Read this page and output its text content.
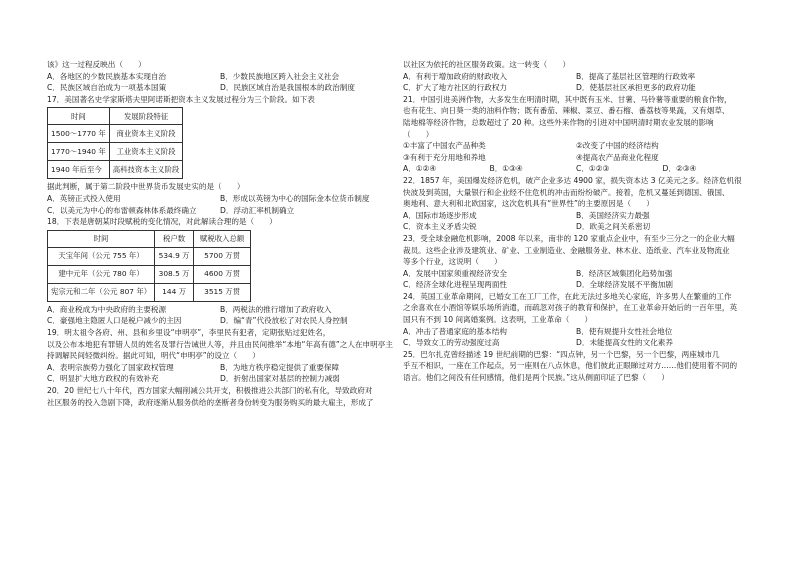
该》这一过程反映出（　　）
A．各地区的少数民族基本实现自治	B．少数民族地区跨入社会主义社会
C．民族区域自治成为一项基本国策	D．民族区域自治是我国根本的政治制度
17．美国著名史学家斯塔夫里阿诺斯把资本主义发展过程分为三个阶段。如下表
时间	发展阶段特征
1500～1770 年	商业资本主义阶段
1770～1940 年	工业资本主义阶段
1940 年后至今	高科技资本主义阶段
据此判断，属于第二阶段中世界货币发展史实的是（　　）
A．英镑正式投入使用	B．形成以英镑为中心的国际金本位货币制度
C．以美元为中心的布雷顿森林体系最终确立	D．浮动汇率机制确立
18．下表是唐朝某时段赋税的变化情况，对此解读合理的是（　　）
时间	税户数	赋税收入总额
天宝年间（公元 755 年）	534.9 万	5700 万贯
建中元年（公元 780 年）	308.5 万	4600 万贯
宪宗元和二年（公元 807 年）	144 万	3515 万贯
A．商业税成为中央政府的主要税源	B．两税法的推行增加了政府收入
C．豪强地主隐匿人口是税户减少的主因	D．编“青”代役放松了对农民人身控制
19．明太祖令各府、州、县和乡里设“申明亭”，李里民有犯者，定期张贴过犯姓名，
以及公布本地犯有罪错人员的姓名及罪行告诫世人等，并且由民间推举“本地“年高有德”之人在申明亭主
持调解民间轻微纠纷。据此可知，明代“申明亭”的设立（　　）
A．表明宗族势力强化了国家政权管理	B．为地方秩序稳定提供了重要保障
C．明显扩大地方政权的有效补充	D．折射出国家对基层的控制力减弱
20．20 世纪七八十年代，西方国家大幅削减公共开支，积极推进公共部门的私有化，导致政府对
社区服务的投入急剧下降，政府逐渐从服务供给的垄断者身份转变为服务购买的最大雇主，形成了
以社区为依托的社区服务政策。这一转变（　　）
A．有利于增加政府的财政收入	B．提高了基层社区管理的行政效率
C．扩大了地方社区的行政权力	D．使基层社区承担更多的政府功能
21．中国引进美洲作物，大多发生在明清时期，其中既有玉米、甘薯、马铃薯等重要的粮食作物，
也有花生、向日葵一类的油料作物；既有番茄、辣椒、菜豆、番石榴、番荔枝等果蔬，又有烟草、
陆地棉等经济作物，总数超过了 20 种。这些外来作物的引进对中国明清时期农业发展的影响
（　　）
①丰富了中国农产品种类	②改变了中国的经济结构
③有利于充分用地和养地	④提高农产品商业化程度
A．①②④	B．①③④	C．①②③	D．②③④
22．1857 年，美国爆发经济危机，破产企业多达 4900 家，损失资本达 3 亿美元之多。经济危机很
快波及到英国，大量银行和企业经不住危机的冲击而纷纷破产。接着，危机又蔓延到德国、俄国、
奥地利、意大利和北欧国家，这次危机具有“世界性”的主要原因是（　　）
A．国际市场逐步形成	B．美国经济实力最强
C．资本主义矛盾尖锐	D．欧美之间关系密切
23．受全球金融危机影响，2008 年以来，南非的 120 家重点企业中，有至少三分之一的企业大幅
裁员。这些企业涉及建筑业、矿业、工业制造业、金融服务业、林木业、造纸业、汽车业及物流业
等多个行业，这说明（　　）
A．发展中国家须重视经济安全	B．经济区域集团化趋势加强
C．经济全球化进程呈现两面性	D．全球经济发展不平衡加剧
24．英国工业革命期间，已婚女工在工厂工作，在此无法过多地关心家庭，许多男人在繁重的工作
之余喜欢在小酒馆等娱乐场所消遣，而疏忽对孩子的教育和保护，在工业革命开始后的一百年里，英
国只有不到 10 间离婚案例。这表明，工业革命（　　）
A．冲击了普通家庭的基本结构	B．使有规提升女性社会地位
C．导致女工的劳动强度过高	D．未能提高女性的文化素养
25．巴尔扎克曾经描述 19 世纪前期的巴黎：“四点钟，另一个巴黎，另一个巴黎，两座城市几
乎互不相识，一座在工作起点，另一座则在八点休息，他们彼此正眼睇过对方……他们使用着不同的
语言。他们之间没有任何感情，他们是两个民族。”这从侧面印证了巴黎（　　）
